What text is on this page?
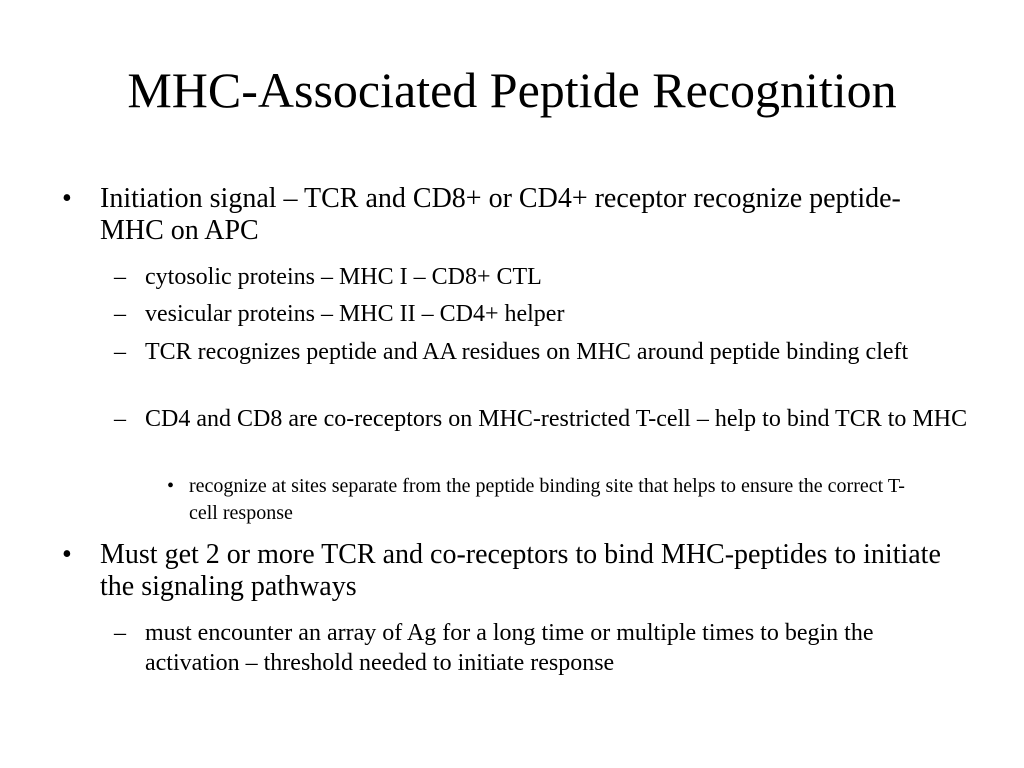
MHC-Associated Peptide Recognition
• Initiation signal – TCR and CD8+ or CD4+ receptor recognize peptide-MHC on APC
– cytosolic proteins – MHC I – CD8+ CTL
– vesicular proteins – MHC II – CD4+ helper
– TCR recognizes peptide and AA residues on MHC around peptide binding cleft
– CD4 and CD8 are co-receptors on MHC-restricted T-cell – help to bind TCR to MHC
• recognize at sites separate from the peptide binding site that helps to ensure the correct T-cell response
• Must get 2 or more TCR and co-receptors to bind MHC-peptides to initiate the signaling pathways
– must encounter an array of Ag for a long time or multiple times to begin the activation – threshold needed to initiate response
